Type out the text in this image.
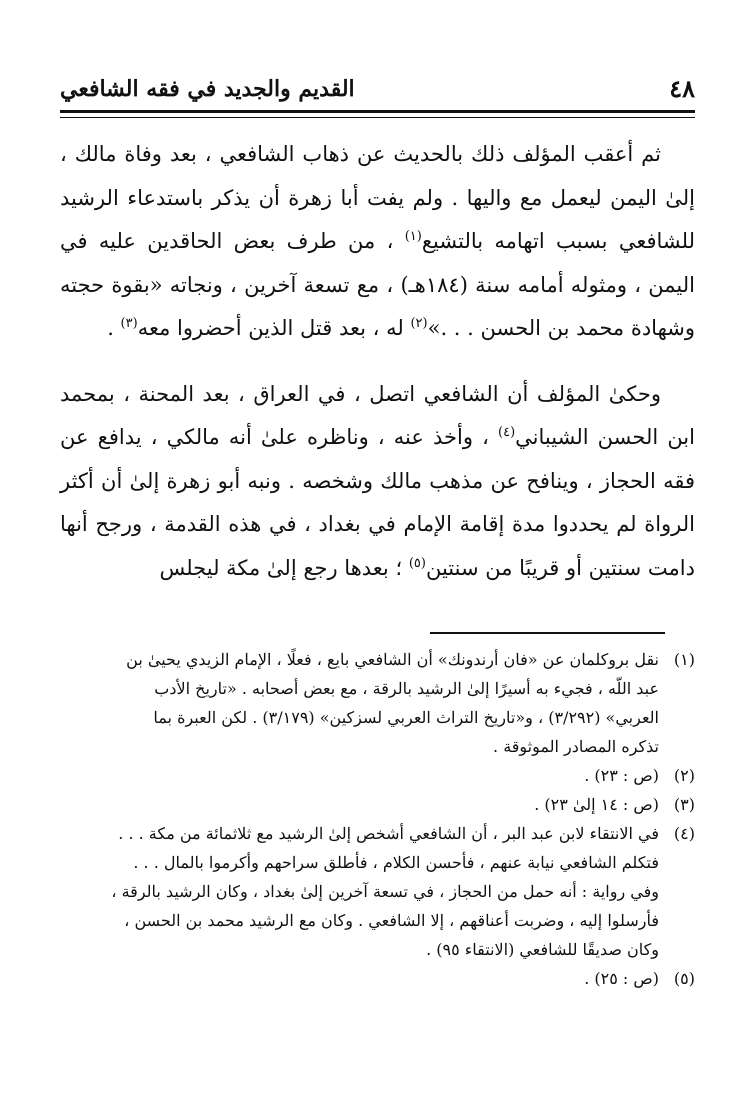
٤٨
القديم والجديد في فقه الشافعي

ثم أعقب المؤلف ذلك بالحديث عن ذهاب الشافعي ، بعد وفاة مالك ، إلىٰ اليمن ليعمل مع واليها . ولم يفت أبا زهرة أن يذكر باستدعاء الرشيد للشافعي بسبب اتهامه بالتشيع$^{(١)}$ ، من طرف بعض الحاقدين عليه في اليمن ، ومثوله أمامه سنة (١٨٤هـ) ، مع تسعة آخرين ، ونجاته «بقوة حجته وشهادة محمد بن الحسن . . .»$^{(٢)}$ له ، بعد قتل الذين أحضروا معه$^{(٣)}$ .

وحكىٰ المؤلف أن الشافعي اتصل ، في العراق ، بعد المحنة ، بمحمد ابن الحسن الشيباني$^{(٤)}$ ، وأخذ عنه ، وناظره علىٰ أنه مالكي ، يدافع عن فقه الحجاز ، وينافح عن مذهب مالك وشخصه . ونبه أبو زهرة إلىٰ أن أكثر الرواة لم يحددوا مدة إقامة الإمام في بغداد ، في هذه القدمة ، ورجح أنها دامت سنتين أو قريبًا من سنتين$^{(٥)}$ ؛ بعدها رجع إلىٰ مكة ليجلس

(١)
نقل بروكلمان عن «فان أرندونك» أن الشافعي بايع ، فعلًا ، الإمام الزيدي يحيىٰ بن
عبد اللّه ، فجيء به أسيرًا إلىٰ الرشيد بالرقة ، مع بعض أصحابه . «تاريخ الأدب
العربي» (٣/٢٩٢) ، و«تاريخ التراث العربي لسزكين» (٣/١٧٩) . لكن العبرة بما
تذكره المصادر الموثوقة .
(٢)
(ص : ٢٣) .
(٣)
(ص : ١٤ إلىٰ ٢٣) .
(٤)
في الانتقاء لابن عبد البر ، أن الشافعي أشخص إلىٰ الرشيد مع ثلاثمائة من مكة . . .
فتكلم الشافعي نيابة عنهم ، فأحسن الكلام ، فأطلق سراحهم وأكرموا بالمال . . .
وفي رواية : أنه حمل من الحجاز ، في تسعة آخرين إلىٰ بغداد ، وكان الرشيد بالرقة ،
فأرسلوا إليه ، وضربت أعناقهم ، إلا الشافعي . وكان مع الرشيد محمد بن الحسن ،
وكان صديقًا للشافعي (الانتقاء ٩٥) .
(٥)
(ص : ٢٥) .
